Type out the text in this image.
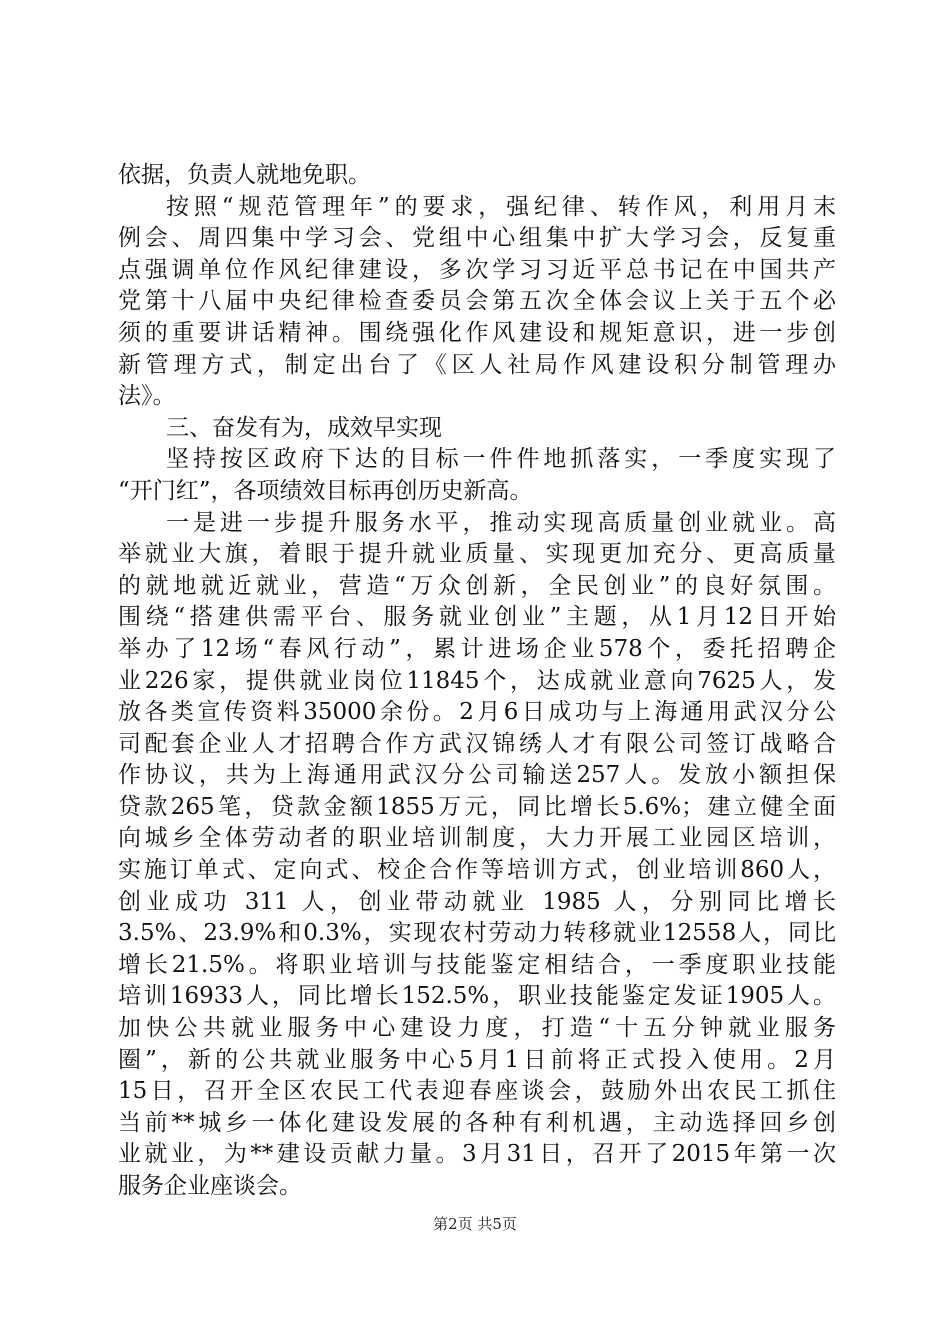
依据，负责人就地免职。
按照“规范管理年”的要求，强纪律、转作风，利用月末
例会、周四集中学习会、党组中心组集中扩大学习会，反复重
点强调单位作风纪律建设，多次学习习近平总书记在中国共产
党第十八届中央纪律检查委员会第五次全体会议上关于五个必
须的重要讲话精神。围绕强化作风建设和规矩意识，进一步创
新管理方式，制定出台了《区人社局作风建设积分制管理办
法》。
三、奋发有为，成效早实现
坚持按区政府下达的目标一件件地抓落实，一季度实现了
“开门红”，各项绩效目标再创历史新高。
一是进一步提升服务水平，推动实现高质量创业就业。高
举就业大旗，着眼于提升就业质量、实现更加充分、更高质量
的就地就近就业，营造“万众创新，全民创业”的良好氛围。
围绕“搭建供需平台、服务就业创业”主题，从1月12日开始
举办了12场“春风行动”，累计进场企业578个，委托招聘企
业226家，提供就业岗位11845个，达成就业意向7625人，发
放各类宣传资料35000余份。2月6日成功与上海通用武汉分公
司配套企业人才招聘合作方武汉锦绣人才有限公司签订战略合
作协议，共为上海通用武汉分公司输送257人。发放小额担保
贷款265笔，贷款金额1855万元，同比增长5.6%；建立健全面
向城乡全体劳动者的职业培训制度，大力开展工业园区培训，
实施订单式、定向式、校企合作等培训方式，创业培训860人，
创业成功 311 人，创业带动就业 1985 人，分别同比增长
3.5%、23.9%和0.3%，实现农村劳动力转移就业12558人，同比
增长21.5%。将职业培训与技能鉴定相结合，一季度职业技能
培训16933人，同比增长152.5%，职业技能鉴定发证1905人。
加快公共就业服务中心建设力度，打造“十五分钟就业服务
圈”，新的公共就业服务中心5月1日前将正式投入使用。2月
15日，召开全区农民工代表迎春座谈会，鼓励外出农民工抓住
当前**城乡一体化建设发展的各种有利机遇，主动选择回乡创
业就业，为**建设贡献力量。3月31日，召开了2015年第一次
服务企业座谈会。
第2页 共5页
